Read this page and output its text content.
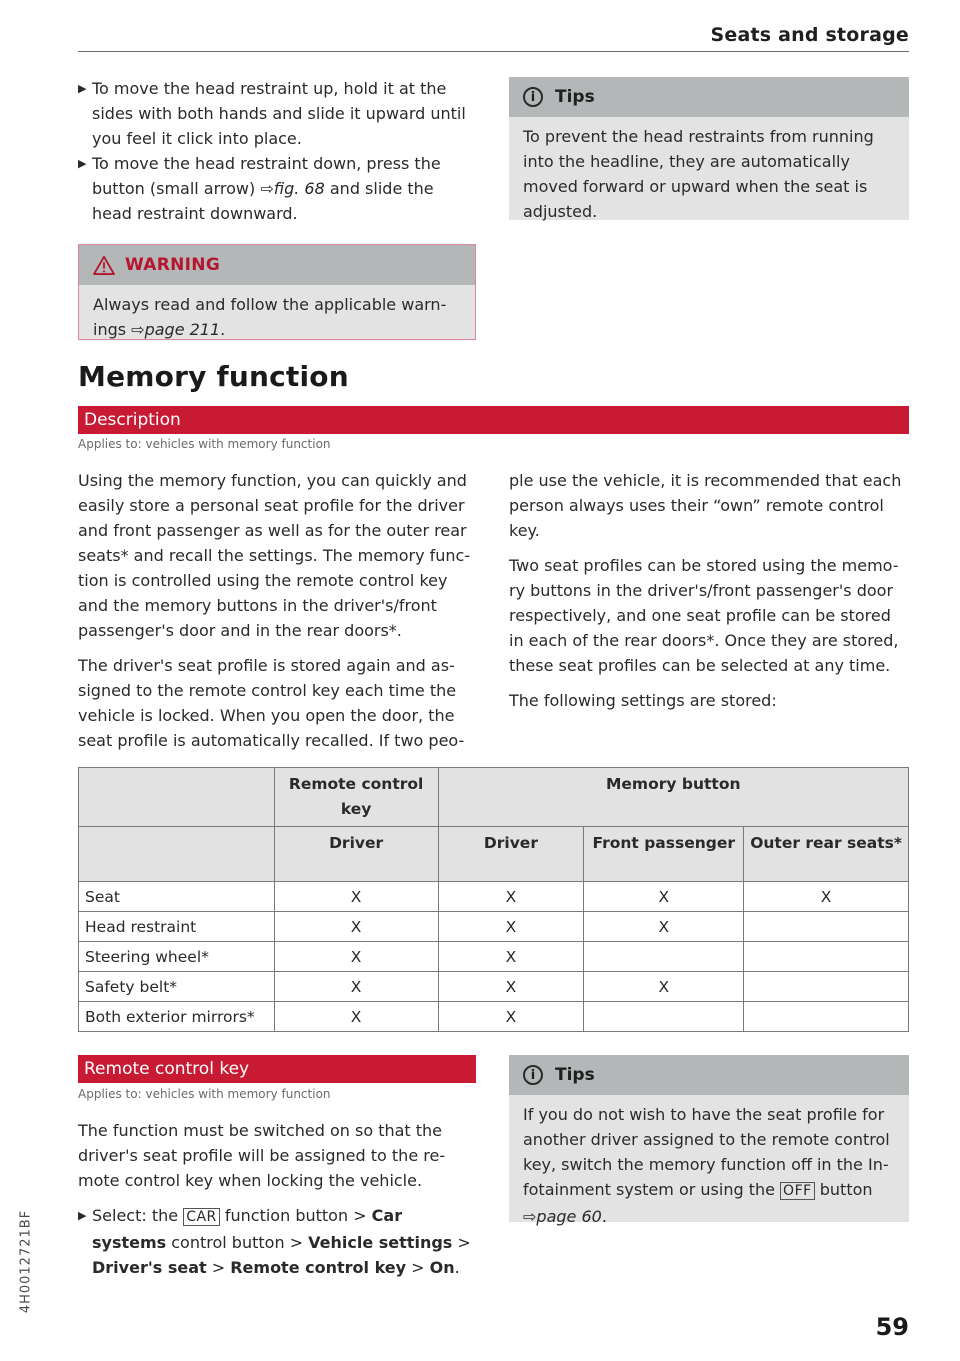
Seats and storage
▶ To move the head restraint up, hold it at the sides with both hands and slide it upward until you feel it click into place.
▶ To move the head restraint down, press the button (small arrow) ⇨fig. 68 and slide the head restraint downward.
WARNING
Always read and follow the applicable warn-ings ⇨page 211.
i	Tips
To prevent the head restraints from running into the headline, they are automatically moved forward or upward when the seat is adjusted.
Memory function
Description
Applies to: vehicles with memory function

Using the memory function, you can quickly and easily store a personal seat profile for the driver and front passenger as well as for the outer rear seats* and recall the settings. The memory func-tion is controlled using the remote control key and the memory buttons in the driver's/front passenger's door and in the rear doors*.

The driver's seat profile is stored again and as-signed to the remote control key each time the vehicle is locked. When you open the door, the seat profile is automatically recalled. If two peo-

ple use the vehicle, it is recommended that each person always uses their “own” remote control key.

Two seat profiles can be stored using the memo-ry buttons in the driver's/front passenger's door respectively, and one seat profile can be stored in each of the rear doors*. Once they are stored, these seat profiles can be selected at any time.

The following settings are stored:

	Remote control key	Memory button		
	Driver	Driver	Front passenger	Outer rear seats*
Seat	X	X	X	X
Head restraint	X	X	X	
Steering wheel*	X	X		
Safety belt*	X	X	X	
Both exterior mirrors*	X	X		
Remote control key
Applies to: vehicles with memory function

The function must be switched on so that the driver's seat profile will be assigned to the re-mote control key when locking the vehicle.

▶ Select: the CAR function button > Car systems control button > Vehicle settings > Driver's seat > Remote control key > On.
i	Tips
If you do not wish to have the seat profile for another driver assigned to the remote control key, switch the memory function off in the In-fotainment system or using the OFF button
⇨page 60.
4H0012721BF
59
